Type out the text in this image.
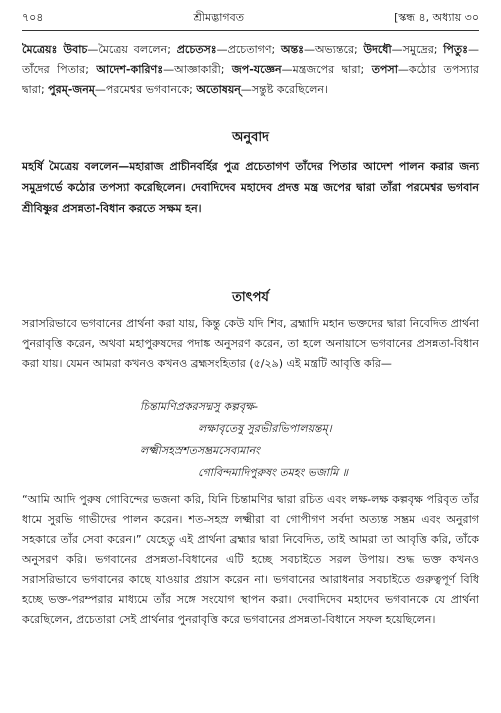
৭০৪	শ্রীমদ্ভাগবত	[স্কন্ধ ৪, অধ্যায় ৩০
মৈত্রেয়ঃ উবাচ—মৈত্রেয় বললেন; প্রচেতসঃ—প্রচেতাগণ; অন্তঃ—অভ্যন্তরে; উদধৌ—সমুদ্রের; পিতুঃ—তাঁদের পিতার; আদেশ-কারিণঃ—আজ্ঞাকারী; জপ-যজ্ঞেন—মন্ত্রজপের দ্বারা; তপসা—কঠোর তপস্যার দ্বারা; পুরম্-জনম্—পরমেশ্বর ভগবানকে; অতোষয়ন্—সন্তুষ্ট করেছিলেন।
অনুবাদ
মহর্ষি মৈত্রেয় বললেন—মহারাজ প্রাচীনবর্হির পুত্র প্রচেতাগণ তাঁদের পিতার আদেশ পালন করার জন্য সমুদ্রগর্ভে কঠোর তপস্যা করেছিলেন। দেবাদিদেব মহাদেব প্রদত্ত মন্ত্র জপের দ্বারা তাঁরা পরমেশ্বর ভগবান শ্রীবিষ্ণুর প্রসন্নতা-বিধান করতে সক্ষম হন।
তাৎপর্য
সরাসরিভাবে ভগবানের প্রার্থনা করা যায়, কিন্তু কেউ যদি শিব, ব্রহ্মাদি মহান ভক্তদের দ্বারা নিবেদিত প্রার্থনা পুনরাবৃত্তি করেন, অথবা মহাপুরুষদের পদাঙ্ক অনুসরণ করেন, তা হলে অনায়াসে ভগবানের প্রসন্নতা-বিধান করা যায়। যেমন আমরা কখনও কখনও ব্রহ্মসংহিতার (৫/২৯) এই মন্ত্রটি আবৃত্তি করি—
চিন্তামণিপ্রকরসদ্মসু কল্পবৃক্ষ-
লক্ষাবৃতেষু সুরভীরভিপালয়ন্তম্।
লক্ষ্মীসহস্রশতসম্ভ্রমসেব্যমানং
গোবিন্দমাদিপুরুষং তমহং ভজামি ॥
“আমি আদি পুরুষ গোবিন্দের ভজনা করি, যিনি চিন্তামণির দ্বারা রচিত এবং লক্ষ-লক্ষ কল্পবৃক্ষ পরিবৃত তাঁর ধামে সুরভি গাভীদের পালন করেন। শত-সহস্র লক্ষ্মীরা বা গোপীগণ সর্বদা অত্যন্ত সম্ভ্রম এবং অনুরাগ সহকারে তাঁর সেবা করেন।” যেহেতু এই প্রার্থনা ব্রহ্মার দ্বারা নিবেদিত, তাই আমরা তা আবৃত্তি করি, তাঁকে অনুসরণ করি। ভগবানের প্রসন্নতা-বিধানের এটি হচ্ছে সবচাইতে সরল উপায়। শুদ্ধ ভক্ত কখনও সরাসরিভাবে ভগবানের কাছে যাওয়ার প্রয়াস করেন না। ভগবানের আরাধনার সবচাইতে গুরুত্বপূর্ণ বিধি হচ্ছে ভক্ত-পরম্পরার মাধ্যমে তাঁর সঙ্গে সংযোগ স্থাপন করা। দেবাদিদেব মহাদেব ভগবানকে যে প্রার্থনা করেছিলেন, প্রচেতারা সেই প্রার্থনার পুনরাবৃত্তি করে ভগবানের প্রসন্নতা-বিধানে সফল হয়েছিলেন।
